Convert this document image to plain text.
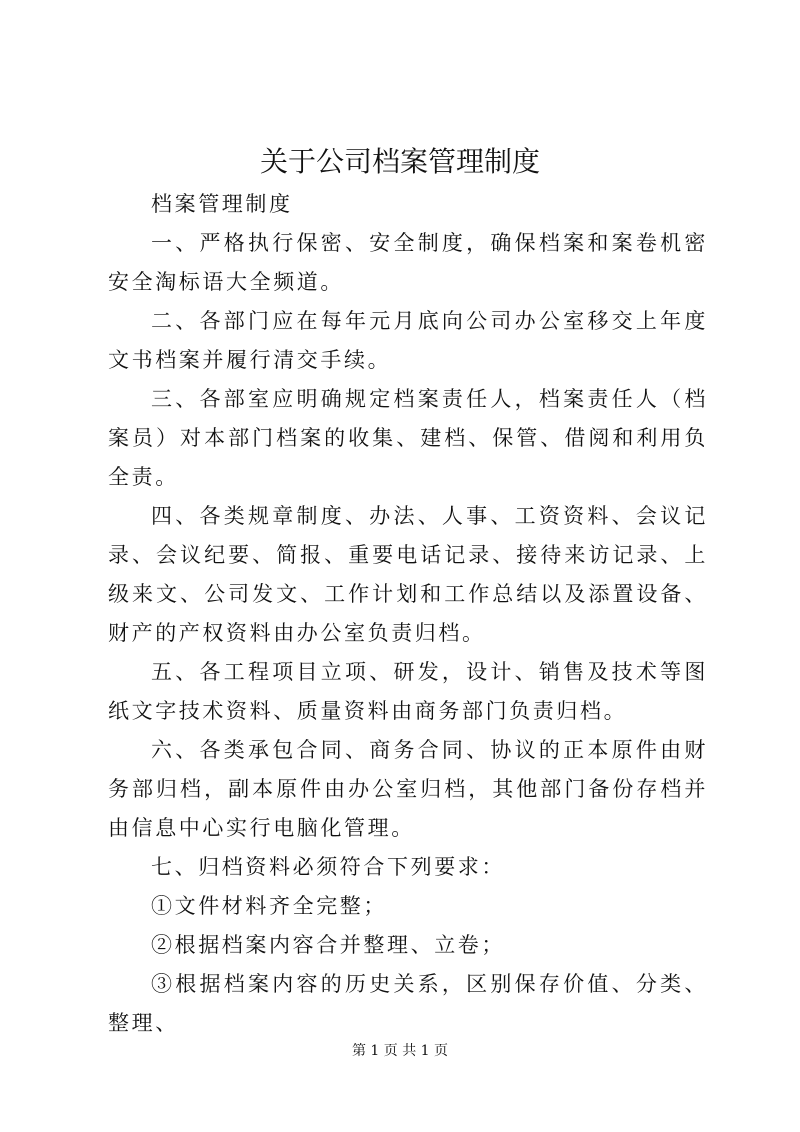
关于公司档案管理制度

档案管理制度

一、严格执行保密、安全制度，确保档案和案卷机密安全淘标语大全频道。

二、各部门应在每年元月底向公司办公室移交上年度文书档案并履行清交手续。

三、各部室应明确规定档案责任人，档案责任人（档案员）对本部门档案的收集、建档、保管、借阅和利用负全责。

四、各类规章制度、办法、人事、工资资料、会议记录、会议纪要、简报、重要电话记录、接待来访记录、上级来文、公司发文、工作计划和工作总结以及添置设备、财产的产权资料由办公室负责归档。

五、各工程项目立项、研发，设计、销售及技术等图纸文字技术资料、质量资料由商务部门负责归档。

六、各类承包合同、商务合同、协议的正本原件由财务部归档，副本原件由办公室归档，其他部门备份存档并由信息中心实行电脑化管理。

七、归档资料必须符合下列要求：

①文件材料齐全完整；

②根据档案内容合并整理、立卷；

③根据档案内容的历史关系，区别保存价值、分类、整理、

第 1 页 共 1 页
